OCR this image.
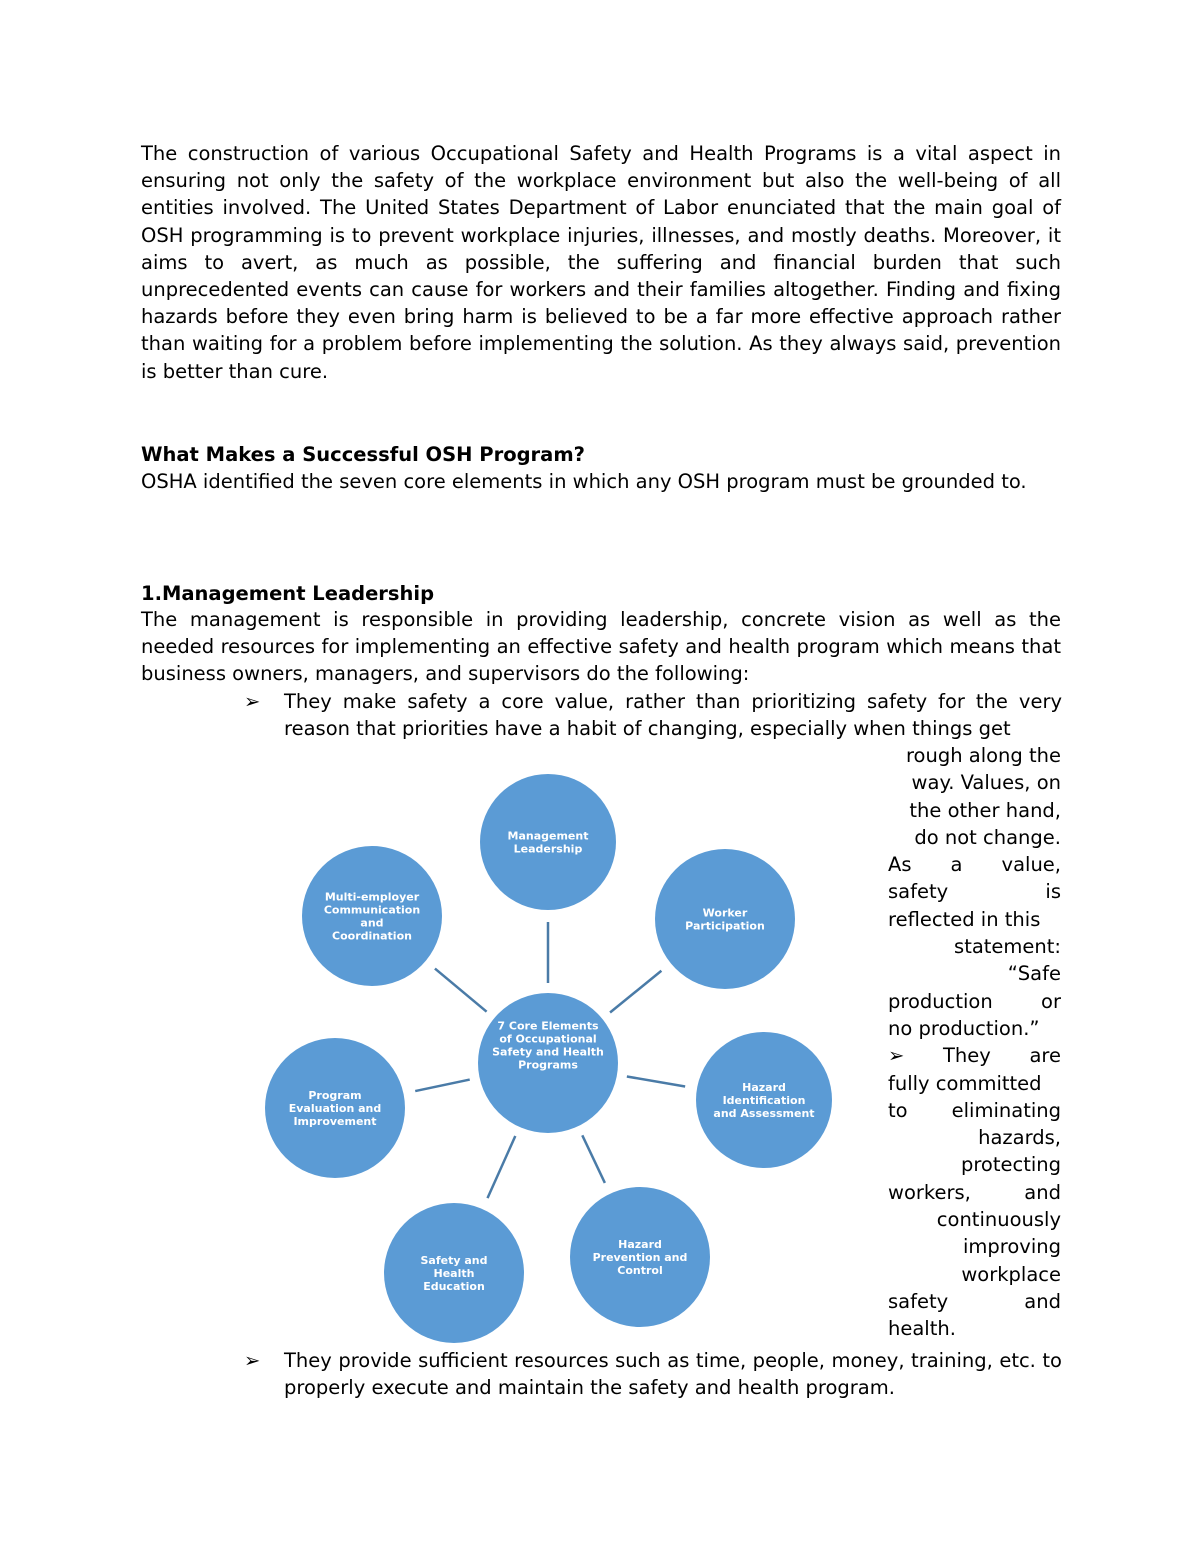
The construction of various Occupational Safety and Health Programs is a vital aspect in ensuring not only the safety of the workplace environment but also the well-being of all entities involved. The United States Department of Labor enunciated that the main goal of OSH programming is to prevent workplace injuries, illnesses, and mostly deaths. Moreover, it aims to avert, as much as possible, the suffering and financial burden that such unprecedented events can cause for workers and their families altogether. Finding and fixing hazards before they even bring harm is believed to be a far more effective approach rather than waiting for a problem before implementing the solution. As they always said, prevention is better than cure.

What Makes a Successful OSH Program?

OSHA identified the seven core elements in which any OSH program must be grounded to.

1.Management Leadership

The management is responsible in providing leadership, concrete vision as well as the needed resources for implementing an effective safety and health program which means that business owners, managers, and supervisors do the following:

➢	They make safety a core value, rather than prioritizing safety for the very reason that priorities have a habit of changing, especially when things get
rough along the
way. Values, on
the other hand,
do not change.
As a value,
safety is
reflected in this
statement:
“Safe
production or
no production.”
➢ They are
fully committed
to eliminating
hazards,
protecting
workers, and
continuously
improving
workplace
safety and
health.
7 Core Elements
of Occupational
Safety and Health
Programs
Management
Leadership
Worker
Participation
Hazard
Identification
and Assessment
Hazard
Prevention and
Control
Safety and
Health
Education
Program
Evaluation and
Improvement
Multi-employer
Communication
and
Coordination
➢	They provide sufficient resources such as time, people, money, training, etc. to properly execute and maintain the safety and health program.
